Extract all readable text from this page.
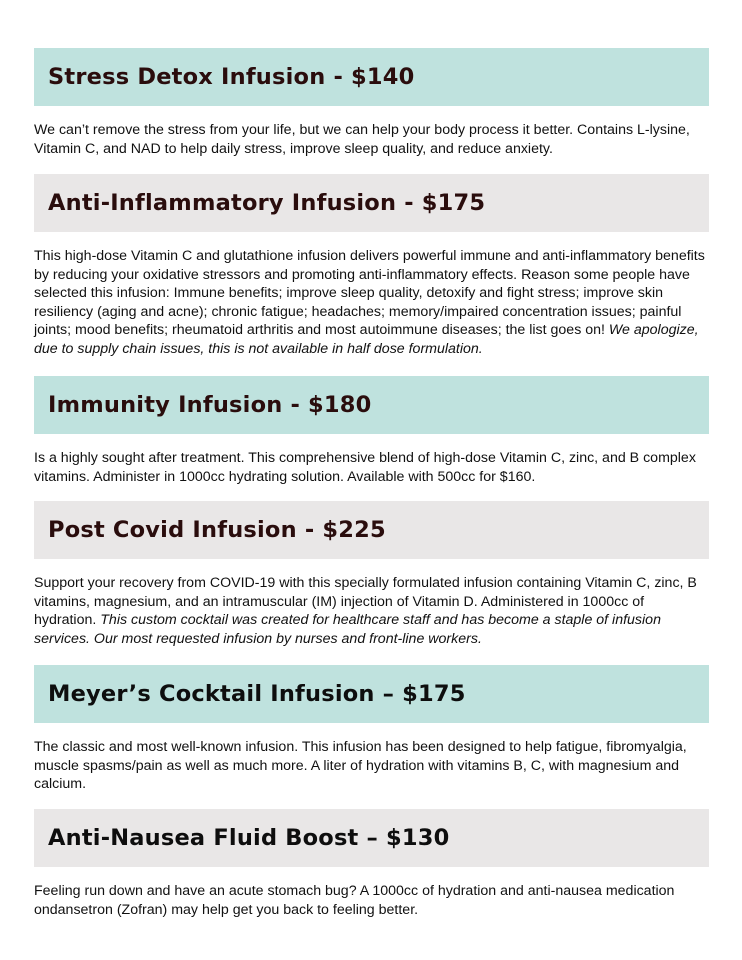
Stress Detox Infusion - $140

We can’t remove the stress from your life, but we can help your body process it better. Contains L-lysine, Vitamin C, and NAD to help daily stress, improve sleep quality, and reduce anxiety.

Anti-Inflammatory Infusion - $175

This high-dose Vitamin C and glutathione infusion delivers powerful immune and anti-inflammatory benefits by reducing your oxidative stressors and promoting anti-inflammatory effects. Reason some people have selected this infusion: Immune benefits; improve sleep quality, detoxify and fight stress; improve skin resiliency (aging and acne); chronic fatigue; headaches; memory/impaired concentration issues; painful joints; mood benefits; rheumatoid arthritis and most autoimmune diseases; the list goes on! We apologize, due to supply chain issues, this is not available in half dose formulation.

Immunity Infusion - $180

Is a highly sought after treatment. This comprehensive blend of high-dose Vitamin C, zinc, and B complex vitamins. Administer in 1000cc hydrating solution. Available with 500cc for $160.

Post Covid Infusion - $225

Support your recovery from COVID-19 with this specially formulated infusion containing Vitamin C, zinc, B vitamins, magnesium, and an intramuscular (IM) injection of Vitamin D. Administered in 1000cc of hydration. This custom cocktail was created for healthcare staff and has become a staple of infusion services. Our most requested infusion by nurses and front-line workers.

Meyer’s Cocktail Infusion – $175

The classic and most well-known infusion. This infusion has been designed to help fatigue, fibromyalgia, muscle spasms/pain as well as much more. A liter of hydration with vitamins B, C, with magnesium and calcium.

Anti-Nausea Fluid Boost – $130

Feeling run down and have an acute stomach bug? A 1000cc of hydration and anti-nausea medication ondansetron (Zofran) may help get you back to feeling better.
